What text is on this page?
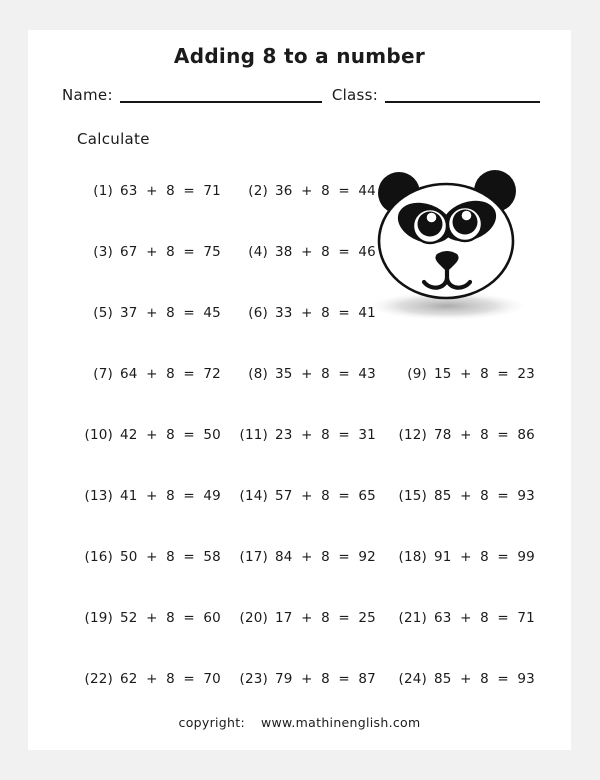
Adding 8 to a number
Name:	Class:
Calculate
(1) 63 + 8 = 71	(2) 36 + 8 = 44
(3) 67 + 8 = 75	(4) 38 + 8 = 46
(5) 37 + 8 = 45	(6) 33 + 8 = 41
(7) 64 + 8 = 72	(8) 35 + 8 = 43	(9) 15 + 8 = 23
(10) 42 + 8 = 50	(11) 23 + 8 = 31	(12) 78 + 8 = 86
(13) 41 + 8 = 49	(14) 57 + 8 = 65	(15) 85 + 8 = 93
(16) 50 + 8 = 58	(17) 84 + 8 = 92	(18) 91 + 8 = 99
(19) 52 + 8 = 60	(20) 17 + 8 = 25	(21) 63 + 8 = 71
(22) 62 + 8 = 70	(23) 79 + 8 = 87	(24) 85 + 8 = 93
copyright: www.mathinenglish.com
